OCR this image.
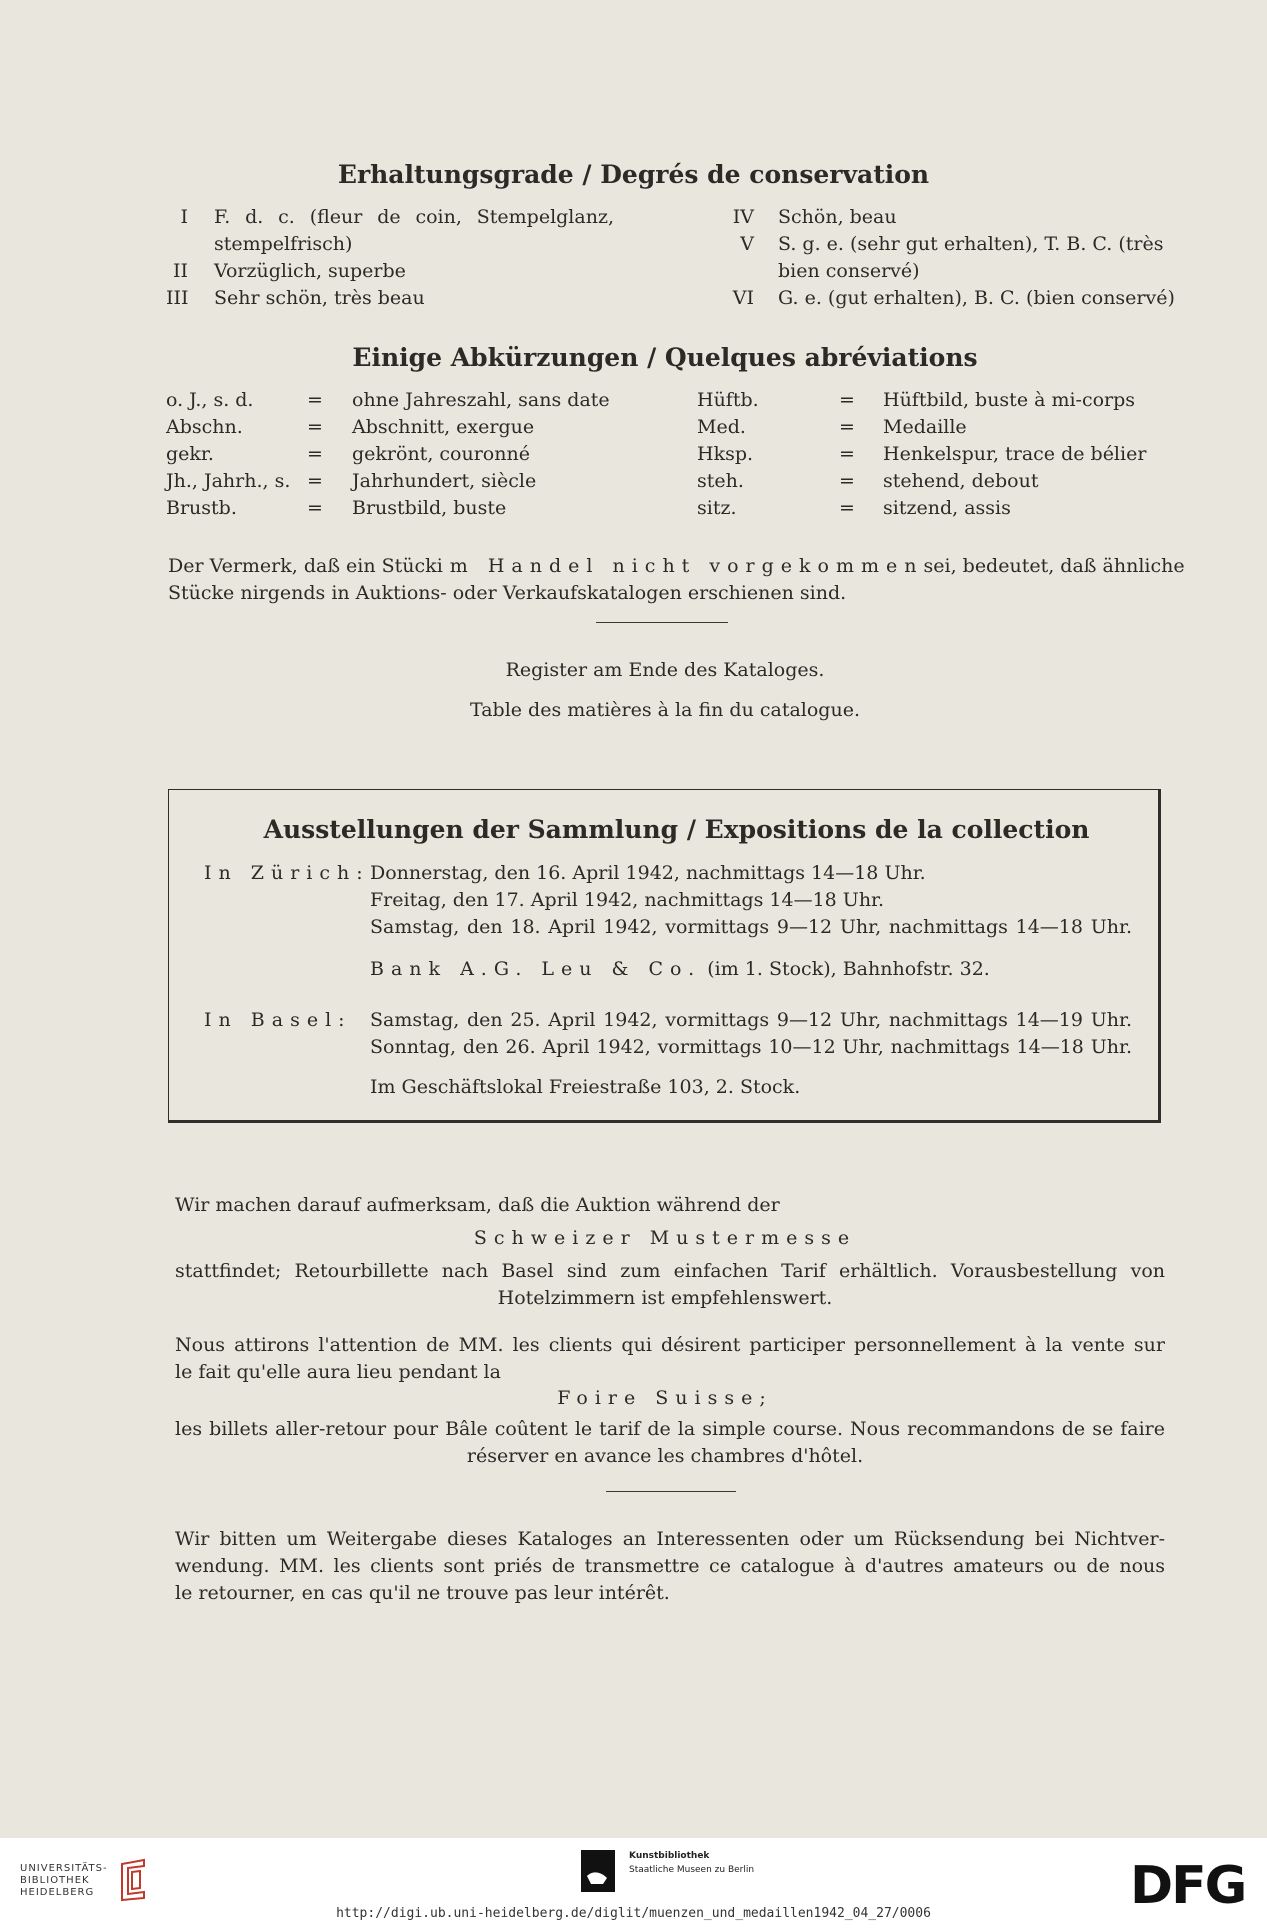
Erhaltungsgrade / Degrés de conservation
I F. d. c. (fleur de coin, Stempelglanz,
stempelfrisch)
II Vorzüglich, superbe
III Sehr schön, très beau
IV Schön, beau
V S. g. e. (sehr gut erhalten), T. B. C. (très
bien conservé)
VI G. e. (gut erhalten), B. C. (bien conservé)
Einige Abkürzungen / Quelques abréviations
o. J., s. d.	= ohne Jahreszahl, sans date
Abschn.	= Abschnitt, exergue
gekr.	= gekrönt, couronné
Jh., Jahrh., s. = Jahrhundert, siècle
Brustb.	= Brustbild, buste
Hüftb.	= Hüftbild, buste à mi-corps
Med.	= Medaille
Hksp.	= Henkelspur, trace de bélier
steh.	= stehend, debout
sitz.	= sitzend, assis
Der Vermerk, daß ein Stück im Handel nicht vorgekommen sei, bedeutet, daß ähnliche
Stücke nirgends in Auktions- oder Verkaufskatalogen erschienen sind.
Register am Ende des Kataloges.
Table des matières à la fin du catalogue.
Ausstellungen der Sammlung / Expositions de la collection
In Zürich: Donnerstag, den 16. April 1942, nachmittags 14—18 Uhr.
Freitag, den 17. April 1942, nachmittags 14—18 Uhr.
Samstag, den 18. April 1942, vormittags 9—12 Uhr, nachmittags 14—18 Uhr.
Bank A.G. Leu & Co. (im 1. Stock), Bahnhofstr. 32.
In Basel: Samstag, den 25. April 1942, vormittags 9—12 Uhr, nachmittags 14—19 Uhr.
Sonntag, den 26. April 1942, vormittags 10—12 Uhr, nachmittags 14—18 Uhr.
Im Geschäftslokal Freiestraße 103, 2. Stock.
Wir machen darauf aufmerksam, daß die Auktion während der
Schweizer Mustermesse
stattfindet; Retourbillette nach Basel sind zum einfachen Tarif erhältlich. Vorausbestellung von
Hotelzimmern ist empfehlenswert.
Nous attirons l'attention de MM. les clients qui désirent participer personnellement à la vente sur
le fait qu'elle aura lieu pendant la
Foire Suisse;
les billets aller-retour pour Bâle coûtent le tarif de la simple course. Nous recommandons de se faire
réserver en avance les chambres d'hôtel.
Wir bitten um Weitergabe dieses Kataloges an Interessenten oder um Rücksendung bei Nichtver-
wendung. MM. les clients sont priés de transmettre ce catalogue à d'autres amateurs ou de nous
le retourner, en cas qu'il ne trouve pas leur intérêt.
UNIVERSITÄTS-
BIBLIOTHEK
HEIDELBERG
Kunstbibliothek
Staatliche Museen zu Berlin	DFG
http://digi.ub.uni-heidelberg.de/diglit/muenzen_und_medaillen1942_04_27/0006
